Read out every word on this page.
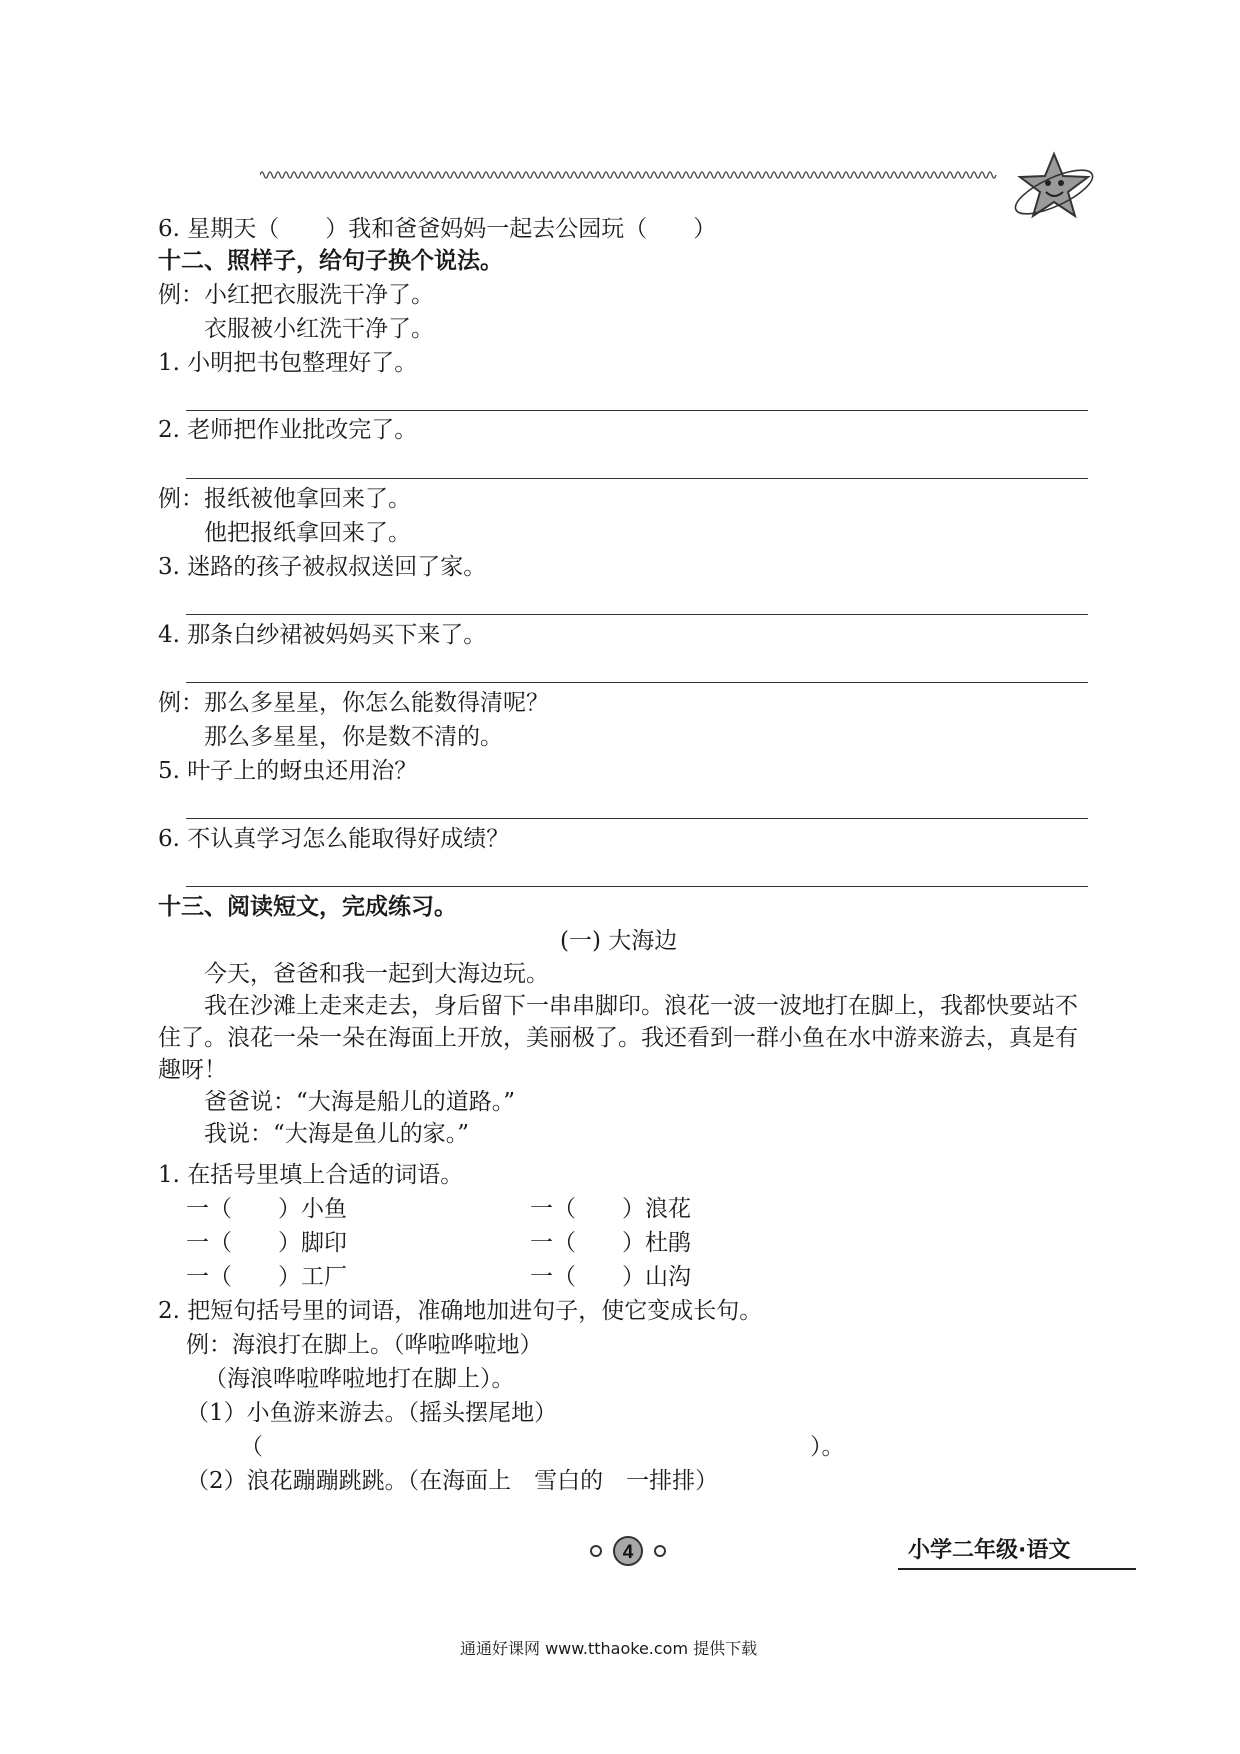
6. 星期天（　　）我和爸爸妈妈一起去公园玩（　　）
十二、照样子，给句子换个说法。
例：小红把衣服洗干净了。
衣服被小红洗干净了。
1. 小明把书包整理好了。
2. 老师把作业批改完了。
例：报纸被他拿回来了。
他把报纸拿回来了。
3. 迷路的孩子被叔叔送回了家。
4. 那条白纱裙被妈妈买下来了。
例：那么多星星，你怎么能数得清呢？
那么多星星，你是数不清的。
5. 叶子上的蚜虫还用治？
6. 不认真学习怎么能取得好成绩？
十三、阅读短文，完成练习。
(一) 大海边

今天，爸爸和我一起到大海边玩。

我在沙滩上走来走去，身后留下一串串脚印。浪花一波一波地打在脚上，我都快要站不住了。浪花一朵一朵在海面上开放，美丽极了。我还看到一群小鱼在水中游来游去，真是有趣呀！

爸爸说：“大海是船儿的道路。”

我说：“大海是鱼儿的家。”

1. 在括号里填上合适的词语。
一（　　）小鱼	一（　　）浪花
一（　　）脚印	一（　　）杜鹃
一（　　）工厂	一（　　）山沟
2. 把短句括号里的词语，准确地加进句子，使它变成长句。
例：海浪打在脚上。（哗啦哗啦地）
（海浪哗啦哗啦地打在脚上）。
（1）小鱼游来游去。（摇头摆尾地）
（	）。
（2）浪花蹦蹦跳跳。（在海面上　雪白的　一排排）
4	小学二年级·语文
通通好课网 www.tthaoke.com 提供下载
